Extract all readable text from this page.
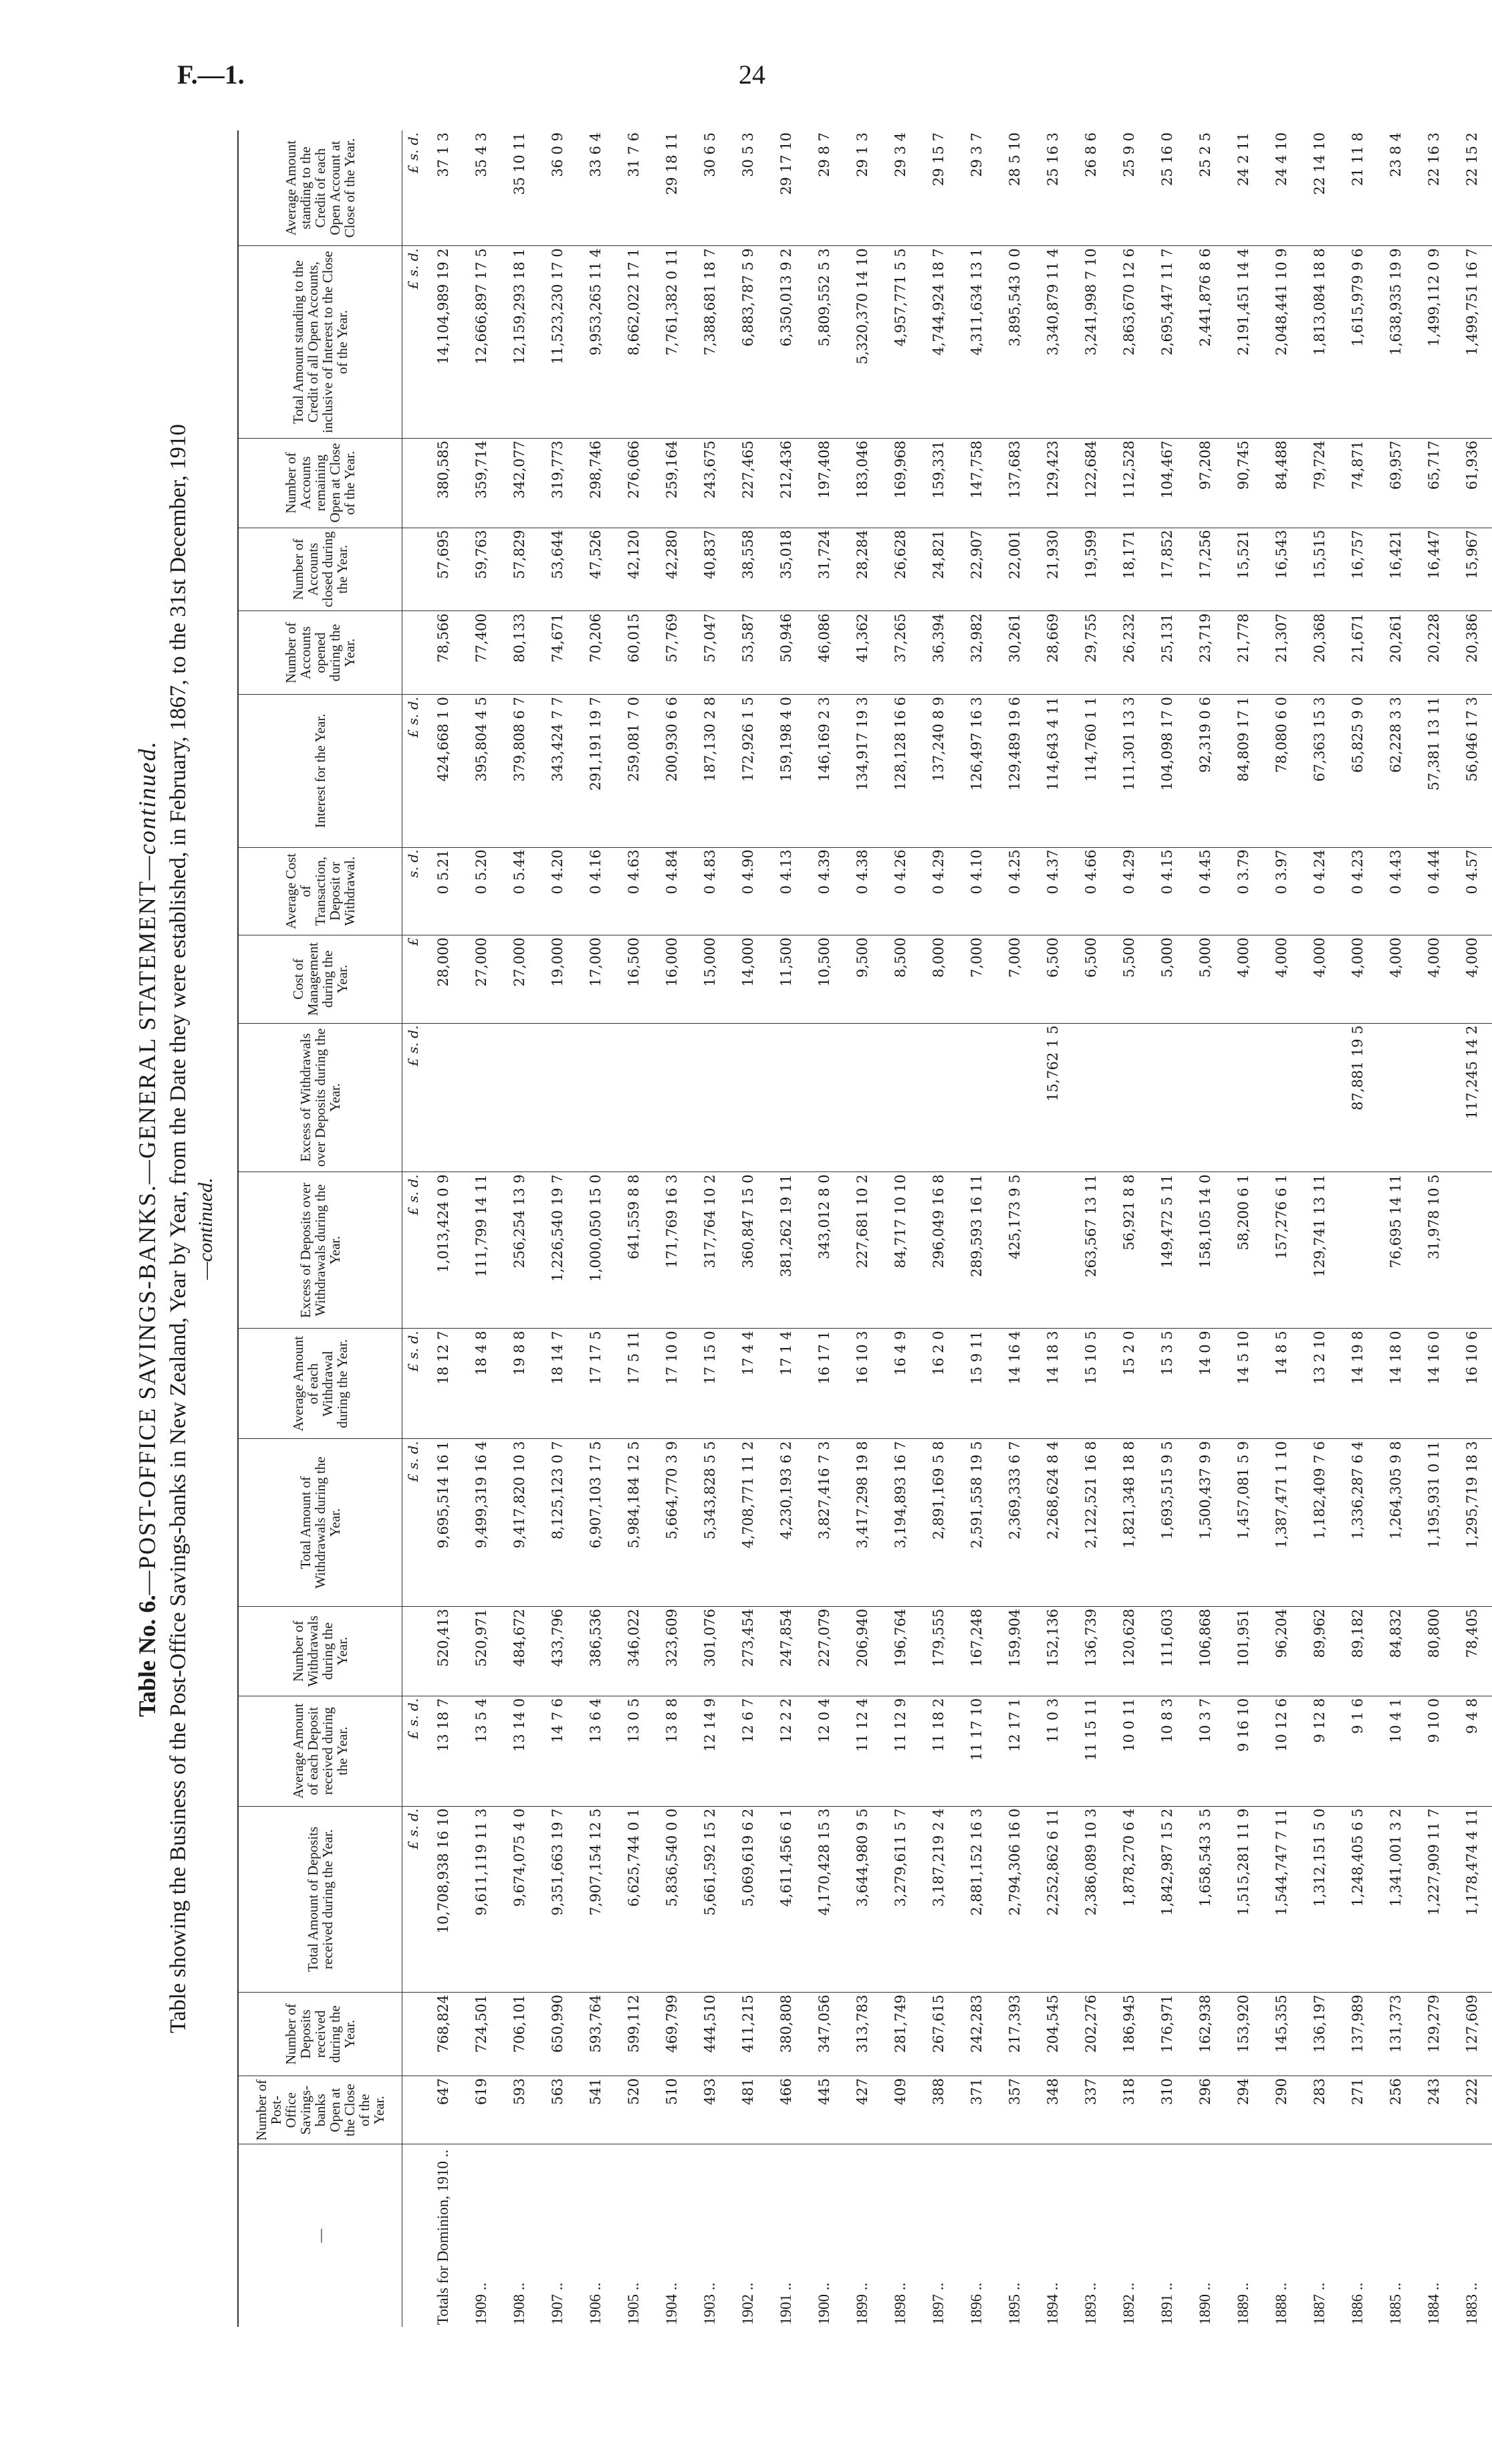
F.—1.	24
Table No. 6.—POST-OFFICE SAVINGS-BANKS.—GENERAL STATEMENT—continued. Table showing the Business of the Post-Office Savings-banks in New Zealand, Year by Year, from the Date they were established, in February, 1867, to the 31st December, 1910 —continued.
—	Number of Post-Office Savings-banks Open at the Close of the Year.	Number of Deposits received during the Year.	Total Amount of Deposits received during the Year.	Average Amount of each Deposit received during the Year.	Number of Withdrawals during the Year.	Total Amount of Withdrawals during the Year.	Average Amount of each Withdrawal during the Year.	Excess of Deposits over Withdrawals during the Year.	Excess of Withdrawals over Deposits during the Year.	Cost of Management during the Year.	Average Cost of Transaction, Deposit or Withdrawal.	Interest for the Year.	Number of Accounts opened during the Year.	Number of Accounts closed during the Year.	Number of Accounts remaining Open at Close of the Year.	Total Amount standing to the Credit of all Open Accounts, inclusive of Interest to the Close of the Year.	Average Amount standing to the Credit of each Open Account at Close of the Year.
			£ s. d.	£ s. d.		£ s. d.	£ s. d.	£ s. d.	£ s. d.	£	s. d.	£ s. d.				£ s. d.	£ s. d.
Totals for Dominion, 1910 ..	647	768,824	10,708,938 16 10	13 18 7	520,413	9,695,514 16 1	18 12 7	1,013,424 0 9		28,000	0 5.21	424,668 1 0	78,566	57,695	380,585	14,104,989 19 2	37 1 3
1909 ..	619	724,501	9,611,119 11 3	13 5 4	520,971	9,499,319 16 4	18 4 8	111,799 14 11		27,000	0 5.20	395,804 4 5	77,400	59,763	359,714	12,666,897 17 5	35 4 3
1908 ..	593	706,101	9,674,075 4 0	13 14 0	484,672	9,417,820 10 3	19 8 8	256,254 13 9		27,000	0 5.44	379,808 6 7	80,133	57,829	342,077	12,159,293 18 1	35 10 11
1907 ..	563	650,990	9,351,663 19 7	14 7 6	433,796	8,125,123 0 7	18 14 7	1,226,540 19 7		19,000	0 4.20	343,424 7 7	74,671	53,644	319,773	11,523,230 17 0	36 0 9
1906 ..	541	593,764	7,907,154 12 5	13 6 4	386,536	6,907,103 17 5	17 17 5	1,000,050 15 0		17,000	0 4.16	291,191 19 7	70,206	47,526	298,746	9,953,265 11 4	33 6 4
1905 ..	520	599,112	6,625,744 0 1	13 0 5	346,022	5,984,184 12 5	17 5 11	641,559 8 8		16,500	0 4.63	259,081 7 0	60,015	42,120	276,066	8,662,022 17 1	31 7 6
1904 ..	510	469,799	5,836,540 0 0	13 8 8	323,609	5,664,770 3 9	17 10 0	171,769 16 3		16,000	0 4.84	200,930 6 6	57,769	42,280	259,164	7,761,382 0 11	29 18 11
1903 ..	493	444,510	5,661,592 15 2	12 14 9	301,076	5,343,828 5 5	17 15 0	317,764 10 2		15,000	0 4.83	187,130 2 8	57,047	40,837	243,675	7,388,681 18 7	30 6 5
1902 ..	481	411,215	5,069,619 6 2	12 6 7	273,454	4,708,771 11 2	17 4 4	360,847 15 0		14,000	0 4.90	172,926 1 5	53,587	38,558	227,465	6,883,787 5 9	30 5 3
1901 ..	466	380,808	4,611,456 6 1	12 2 2	247,854	4,230,193 6 2	17 1 4	381,262 19 11		11,500	0 4.13	159,198 4 0	50,946	35,018	212,436	6,350,013 9 2	29 17 10
1900 ..	445	347,056	4,170,428 15 3	12 0 4	227,079	3,827,416 7 3	16 17 1	343,012 8 0		10,500	0 4.39	146,169 2 3	46,086	31,724	197,408	5,809,552 5 3	29 8 7
1899 ..	427	313,783	3,644,980 9 5	11 12 4	206,940	3,417,298 19 8	16 10 3	227,681 10 2		9,500	0 4.38	134,917 19 3	41,362	28,284	183,046	5,320,370 14 10	29 1 3
1898 ..	409	281,749	3,279,611 5 7	11 12 9	196,764	3,194,893 16 7	16 4 9	84,717 10 10		8,500	0 4.26	128,128 16 6	37,265	26,628	169,968	4,957,771 5 5	29 3 4
1897 ..	388	267,615	3,187,219 2 4	11 18 2	179,555	2,891,169 5 8	16 2 0	296,049 16 8		8,000	0 4.29	137,240 8 9	36,394	24,821	159,331	4,744,924 18 7	29 15 7
1896 ..	371	242,283	2,881,152 16 3	11 17 10	167,248	2,591,558 19 5	15 9 11	289,593 16 11		7,000	0 4.10	126,497 16 3	32,982	22,907	147,758	4,311,634 13 1	29 3 7
1895 ..	357	217,393	2,794,306 16 0	12 17 1	159,904	2,369,333 6 7	14 16 4	425,173 9 5		7,000	0 4.25	129,489 19 6	30,261	22,001	137,683	3,895,543 0 0	28 5 10
1894 ..	348	204,545	2,252,862 6 11	11 0 3	152,136	2,268,624 8 4	14 18 3		15,762 1 5	6,500	0 4.37	114,643 4 11	28,669	21,930	129,423	3,340,879 11 4	25 16 3
1893 ..	337	202,276	2,386,089 10 3	11 15 11	136,739	2,122,521 16 8	15 10 5	263,567 13 11		6,500	0 4.66	114,760 1 1	29,755	19,599	122,684	3,241,998 7 10	26 8 6
1892 ..	318	186,945	1,878,270 6 4	10 0 11	120,628	1,821,348 18 8	15 2 0	56,921 8 8		5,500	0 4.29	111,301 13 3	26,232	18,171	112,528	2,863,670 12 6	25 9 0
1891 ..	310	176,971	1,842,987 15 2	10 8 3	111,603	1,693,515 9 5	15 3 5	149,472 5 11		5,000	0 4.15	104,098 17 0	25,131	17,852	104,467	2,695,447 11 7	25 16 0
1890 ..	296	162,938	1,658,543 3 5	10 3 7	106,868	1,500,437 9 9	14 0 9	158,105 14 0		5,000	0 4.45	92,319 0 6	23,719	17,256	97,208	2,441,876 8 6	25 2 5
1889 ..	294	153,920	1,515,281 11 9	9 16 10	101,951	1,457,081 5 9	14 5 10	58,200 6 1		4,000	0 3.79	84,809 17 1	21,778	15,521	90,745	2,191,451 14 4	24 2 11
1888 ..	290	145,355	1,544,747 7 11	10 12 6	96,204	1,387,471 1 10	14 8 5	157,276 6 1		4,000	0 3.97	78,080 6 0	21,307	16,543	84,488	2,048,441 10 9	24 4 10
1887 ..	283	136,197	1,312,151 5 0	9 12 8	89,962	1,182,409 7 6	13 2 10	129,741 13 11		4,000	0 4.24	67,363 15 3	20,368	15,515	79,724	1,813,084 18 8	22 14 10
1886 ..	271	137,989	1,248,405 6 5	9 1 6	89,182	1,336,287 6 4	14 19 8		87,881 19 5	4,000	0 4.23	65,825 9 0	21,671	16,757	74,871	1,615,979 9 6	21 11 8
1885 ..	256	131,373	1,341,001 3 2	10 4 1	84,832	1,264,305 9 8	14 18 0	76,695 14 11		4,000	0 4.43	62,228 3 3	20,261	16,421	69,957	1,638,935 19 9	23 8 4
1884 ..	243	129,279	1,227,909 11 7	9 10 0	80,800	1,195,931 0 11	14 16 0	31,978 10 5		4,000	0 4.44	57,381 13 11	20,228	16,447	65,717	1,499,112 0 9	22 16 3
1883 ..	222	127,609	1,178,474 4 11	9 4 8	78,405	1,295,719 18 3	16 10 6		117,245 14 2	4,000	0 4.57	56,046 17 3	20,386	15,967	61,936	1,499,751 16 7	22 15 2
